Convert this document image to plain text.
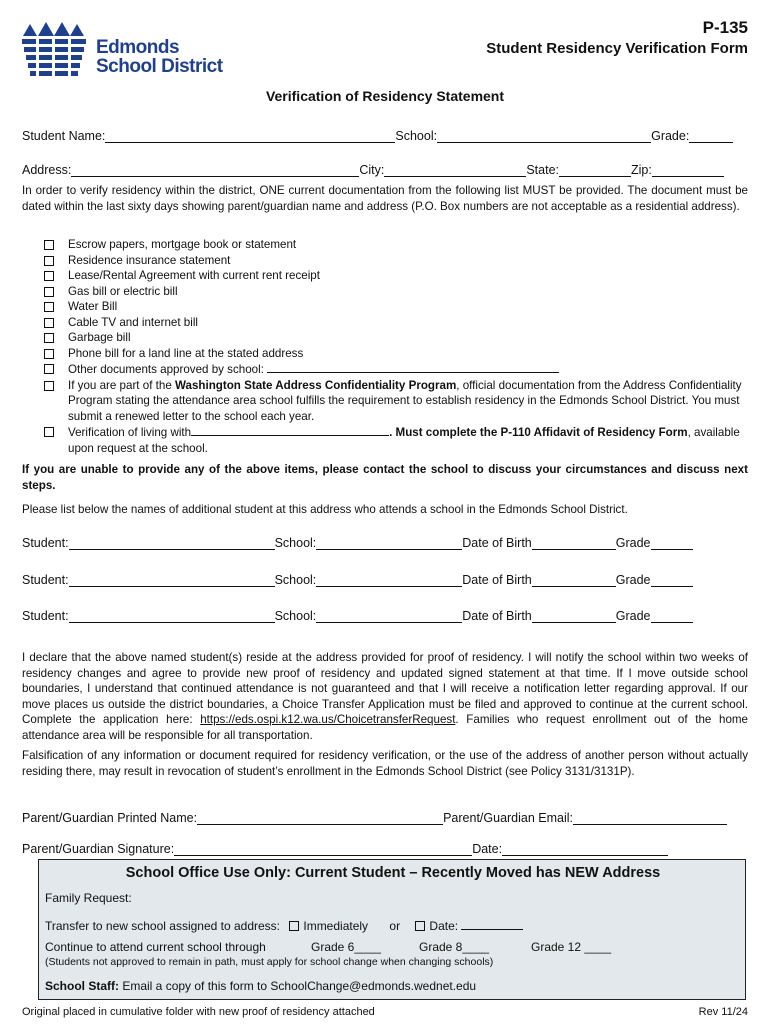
Edmonds
School District
P-135
Student Residency Verification Form
Verification of Residency Statement
Student Name:	School:	Grade:
Address:	City:	State:	Zip:
In order to verify residency within the district, ONE current documentation from the following list MUST be provided. The document must be dated within the last sixty days showing parent/guardian name and address (P.O. Box numbers are not acceptable as a residential address).
Escrow papers, mortgage book or statement
Residence insurance statement
Lease/Rental Agreement with current rent receipt
Gas bill or electric bill
Water Bill
Cable TV and internet bill
Garbage bill
Phone bill for a land line at the stated address
Other documents approved by school:
If you are part of the Washington State Address Confidentiality Program, official documentation from the Address Confidentiality Program stating the attendance area school fulfills the requirement to establish residency in the Edmonds School District. You must submit a renewed letter to the school each year.
Verification of living with	. Must complete the P-110 Affidavit of Residency Form, available upon request at the school.
If you are unable to provide any of the above items, please contact the school to discuss your circumstances and discuss next steps.
Please list below the names of additional student at this address who attends a school in the Edmonds School District.
Student:	School:	Date of Birth	Grade
Student:	School:	Date of Birth	Grade
Student:	School:	Date of Birth	Grade
I declare that the above named student(s) reside at the address provided for proof of residency. I will notify the school within two weeks of residency changes and agree to provide new proof of residency and updated signed statement at that time. If I move outside school boundaries, I understand that continued attendance is not guaranteed and that I will receive a notification letter regarding approval. If our move places us outside the district boundaries, a Choice Transfer Application must be filed and approved to continue at the current school. Complete the application here: https://eds.ospi.k12.wa.us/ChoicetransferRequest. Families who request enrollment out of the home attendance area will be responsible for all transportation.
Falsification of any information or document required for residency verification, or the use of the address of another person without actually residing there, may result in revocation of student’s enrollment in the Edmonds School District (see Policy 3131/3131P).
Parent/Guardian Printed Name:	Parent/Guardian Email:
Parent/Guardian Signature:	Date:
School Office Use Only: Current Student – Recently Moved has NEW Address
Family Request:
Transfer to new school assigned to address: Immediately or Date:
Continue to attend current school through	Grade 6____	Grade 8____	Grade 12 ____
(Students not approved to remain in path, must apply for school change when changing schools)
School Staff: Email a copy of this form to SchoolChange@edmonds.wednet.edu
Original placed in cumulative folder with new proof of residency attached	Rev 11/24
